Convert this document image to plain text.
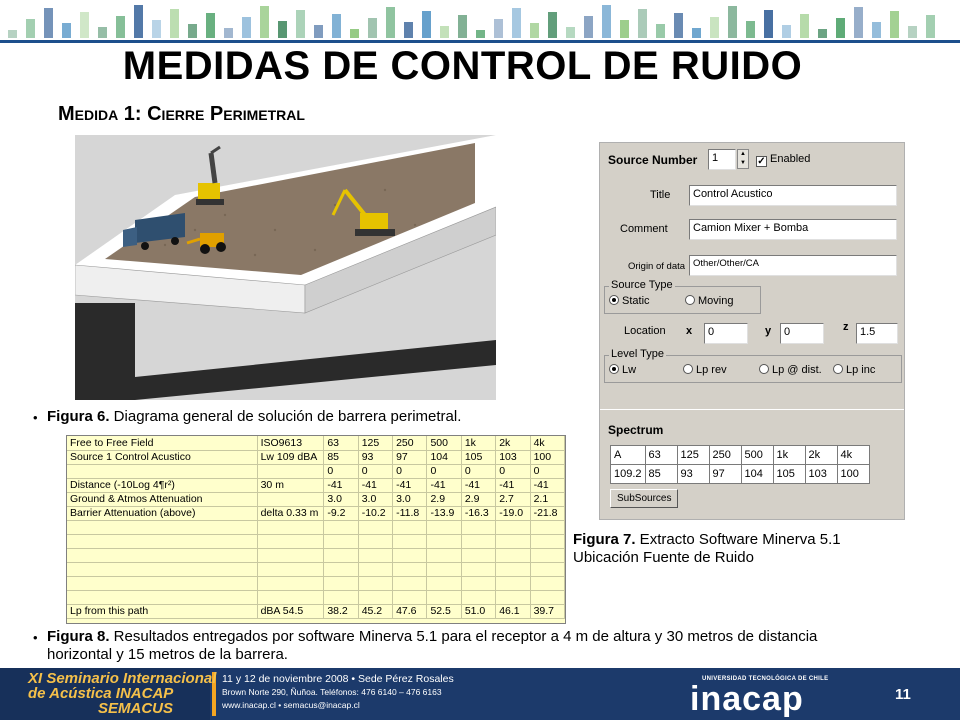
MEDIDAS DE CONTROL DE RUIDO
Medida 1: Cierre Perimetral
• Figura 6. Diagrama general de solución de barrera perimetral.
Free to Free Field	ISO9613	63	125	250	500	1k	2k	4k
Source 1 Control Acustico	Lw 109 dBA	85	93	97	104	105	103	100
		0	0	0	0	0	0	0
Distance (-10Log 4¶r²)	30 m	-41	-41	-41	-41	-41	-41	-41
Ground & Atmos Attenuation		3.0	3.0	3.0	2.9	2.9	2.7	2.1
Barrier Attenuation (above)	delta 0.33 m	-9.2	-10.2	-11.8	-13.9	-16.3	-19.0	-21.8

Lp from this path	dBA 54.5	38.2	45.2	47.6	52.5	51.0	46.1	39.7
• Figura 8. Resultados entregados por software Minerva 5.1 para el receptor a 4 m de altura y 30 metros de distancia horizontal y 15 metros de la barrera.
Source Number	1	▲
▼	✓ Enabled
Title	Control Acustico
Comment	Camion Mixer + Bomba
Origin of data Other/Other/CA
Source Type
Static	Moving
Location x	0	y	0	z	1.5
Level Type
Lw	Lp rev	Lp @ dist.	Lp inc
Spectrum
A	63	125	250	500	1k	2k	4k
109.2	85	93	97	104	105	103	100
SubSources
Figura 7. Extracto Software Minerva 5.1
Ubicación Fuente de Ruido
XI Seminario Internacional
de Acústica INACAP
SEMACUS
11 y 12 de noviembre 2008 • Sede Pérez Rosales
Brown Norte 290, Ñuñoa. Teléfonos: 476 6140 – 476 6163
www.inacap.cl • semacus@inacap.cl
UNIVERSIDAD TECNOLÓGICA DE CHILE
inacap	11
